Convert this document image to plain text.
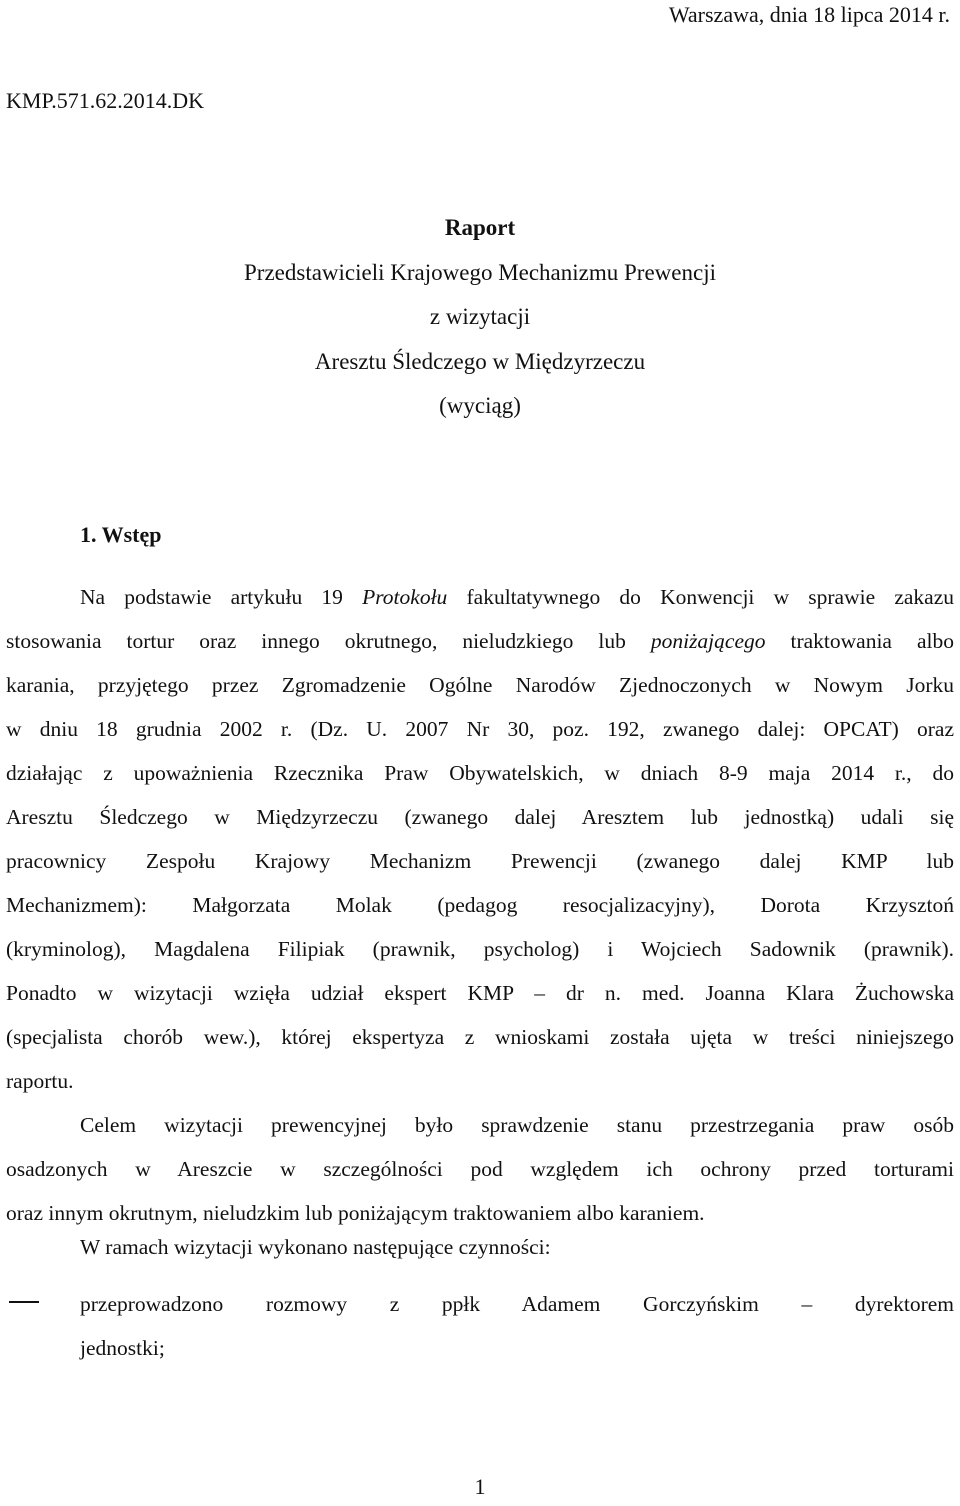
Warszawa, dnia 18 lipca 2014 r.
KMP.571.62.2014.DK
Raport
Przedstawicieli Krajowego Mechanizmu Prewencji
z wizytacji
Aresztu Śledczego w Międzyrzeczu
(wyciąg)
1. Wstęp
Na podstawie artykułu 19 Protokołu fakultatywnego do Konwencji w sprawie zakazu
stosowania tortur oraz innego okrutnego, nieludzkiego lub poniżającego traktowania albo
karania, przyjętego przez Zgromadzenie Ogólne Narodów Zjednoczonych w Nowym Jorku
w dniu 18 grudnia 2002 r. (Dz. U. 2007 Nr 30, poz. 192, zwanego dalej: OPCAT) oraz
działając z upoważnienia Rzecznika Praw Obywatelskich, w dniach 8-9 maja 2014 r., do
Aresztu Śledczego w Międzyrzeczu (zwanego dalej Aresztem lub jednostką) udali się
pracownicy Zespołu Krajowy Mechanizm Prewencji (zwanego dalej KMP lub
Mechanizmem): Małgorzata Molak (pedagog resocjalizacyjny), Dorota Krzysztoń
(kryminolog), Magdalena Filipiak (prawnik, psycholog) i Wojciech Sadownik (prawnik).
Ponadto w wizytacji wzięła udział ekspert KMP – dr n. med. Joanna Klara Żuchowska
(specjalista chorób wew.), której ekspertyza z wnioskami została ujęta w treści niniejszego
raportu.
Celem wizytacji prewencyjnej było sprawdzenie stanu przestrzegania praw osób
osadzonych w Areszcie w szczególności pod względem ich ochrony przed torturami
oraz innym okrutnym, nieludzkim lub poniżającym traktowaniem albo karaniem.
W ramach wizytacji wykonano następujące czynności:
przeprowadzono rozmowy z ppłk Adamem Gorczyńskim – dyrektorem
jednostki;
1
